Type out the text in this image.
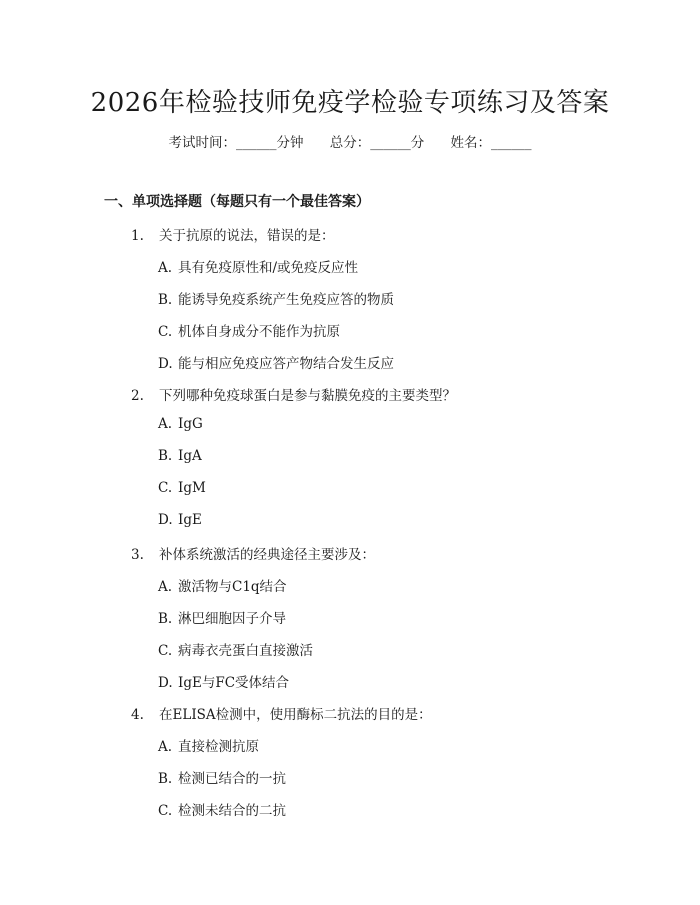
2026年检验技师免疫学检验专项练习及答案
考试时间：______分钟 总分：______分 姓名：______
一、单项选择题（每题只有一个最佳答案）
1. 关于抗原的说法，错误的是：
A. 具有免疫原性和/或免疫反应性
B. 能诱导免疫系统产生免疫应答的物质
C. 机体自身成分不能作为抗原
D. 能与相应免疫应答产物结合发生反应
2. 下列哪种免疫球蛋白是参与黏膜免疫的主要类型？
A. IgG
B. IgA
C. IgM
D. IgE
3. 补体系统激活的经典途径主要涉及：
A. 激活物与C1q结合
B. 淋巴细胞因子介导
C. 病毒衣壳蛋白直接激活
D. IgE与FC受体结合
4. 在ELISA检测中，使用酶标二抗法的目的是：
A. 直接检测抗原
B. 检测已结合的一抗
C. 检测未结合的二抗
